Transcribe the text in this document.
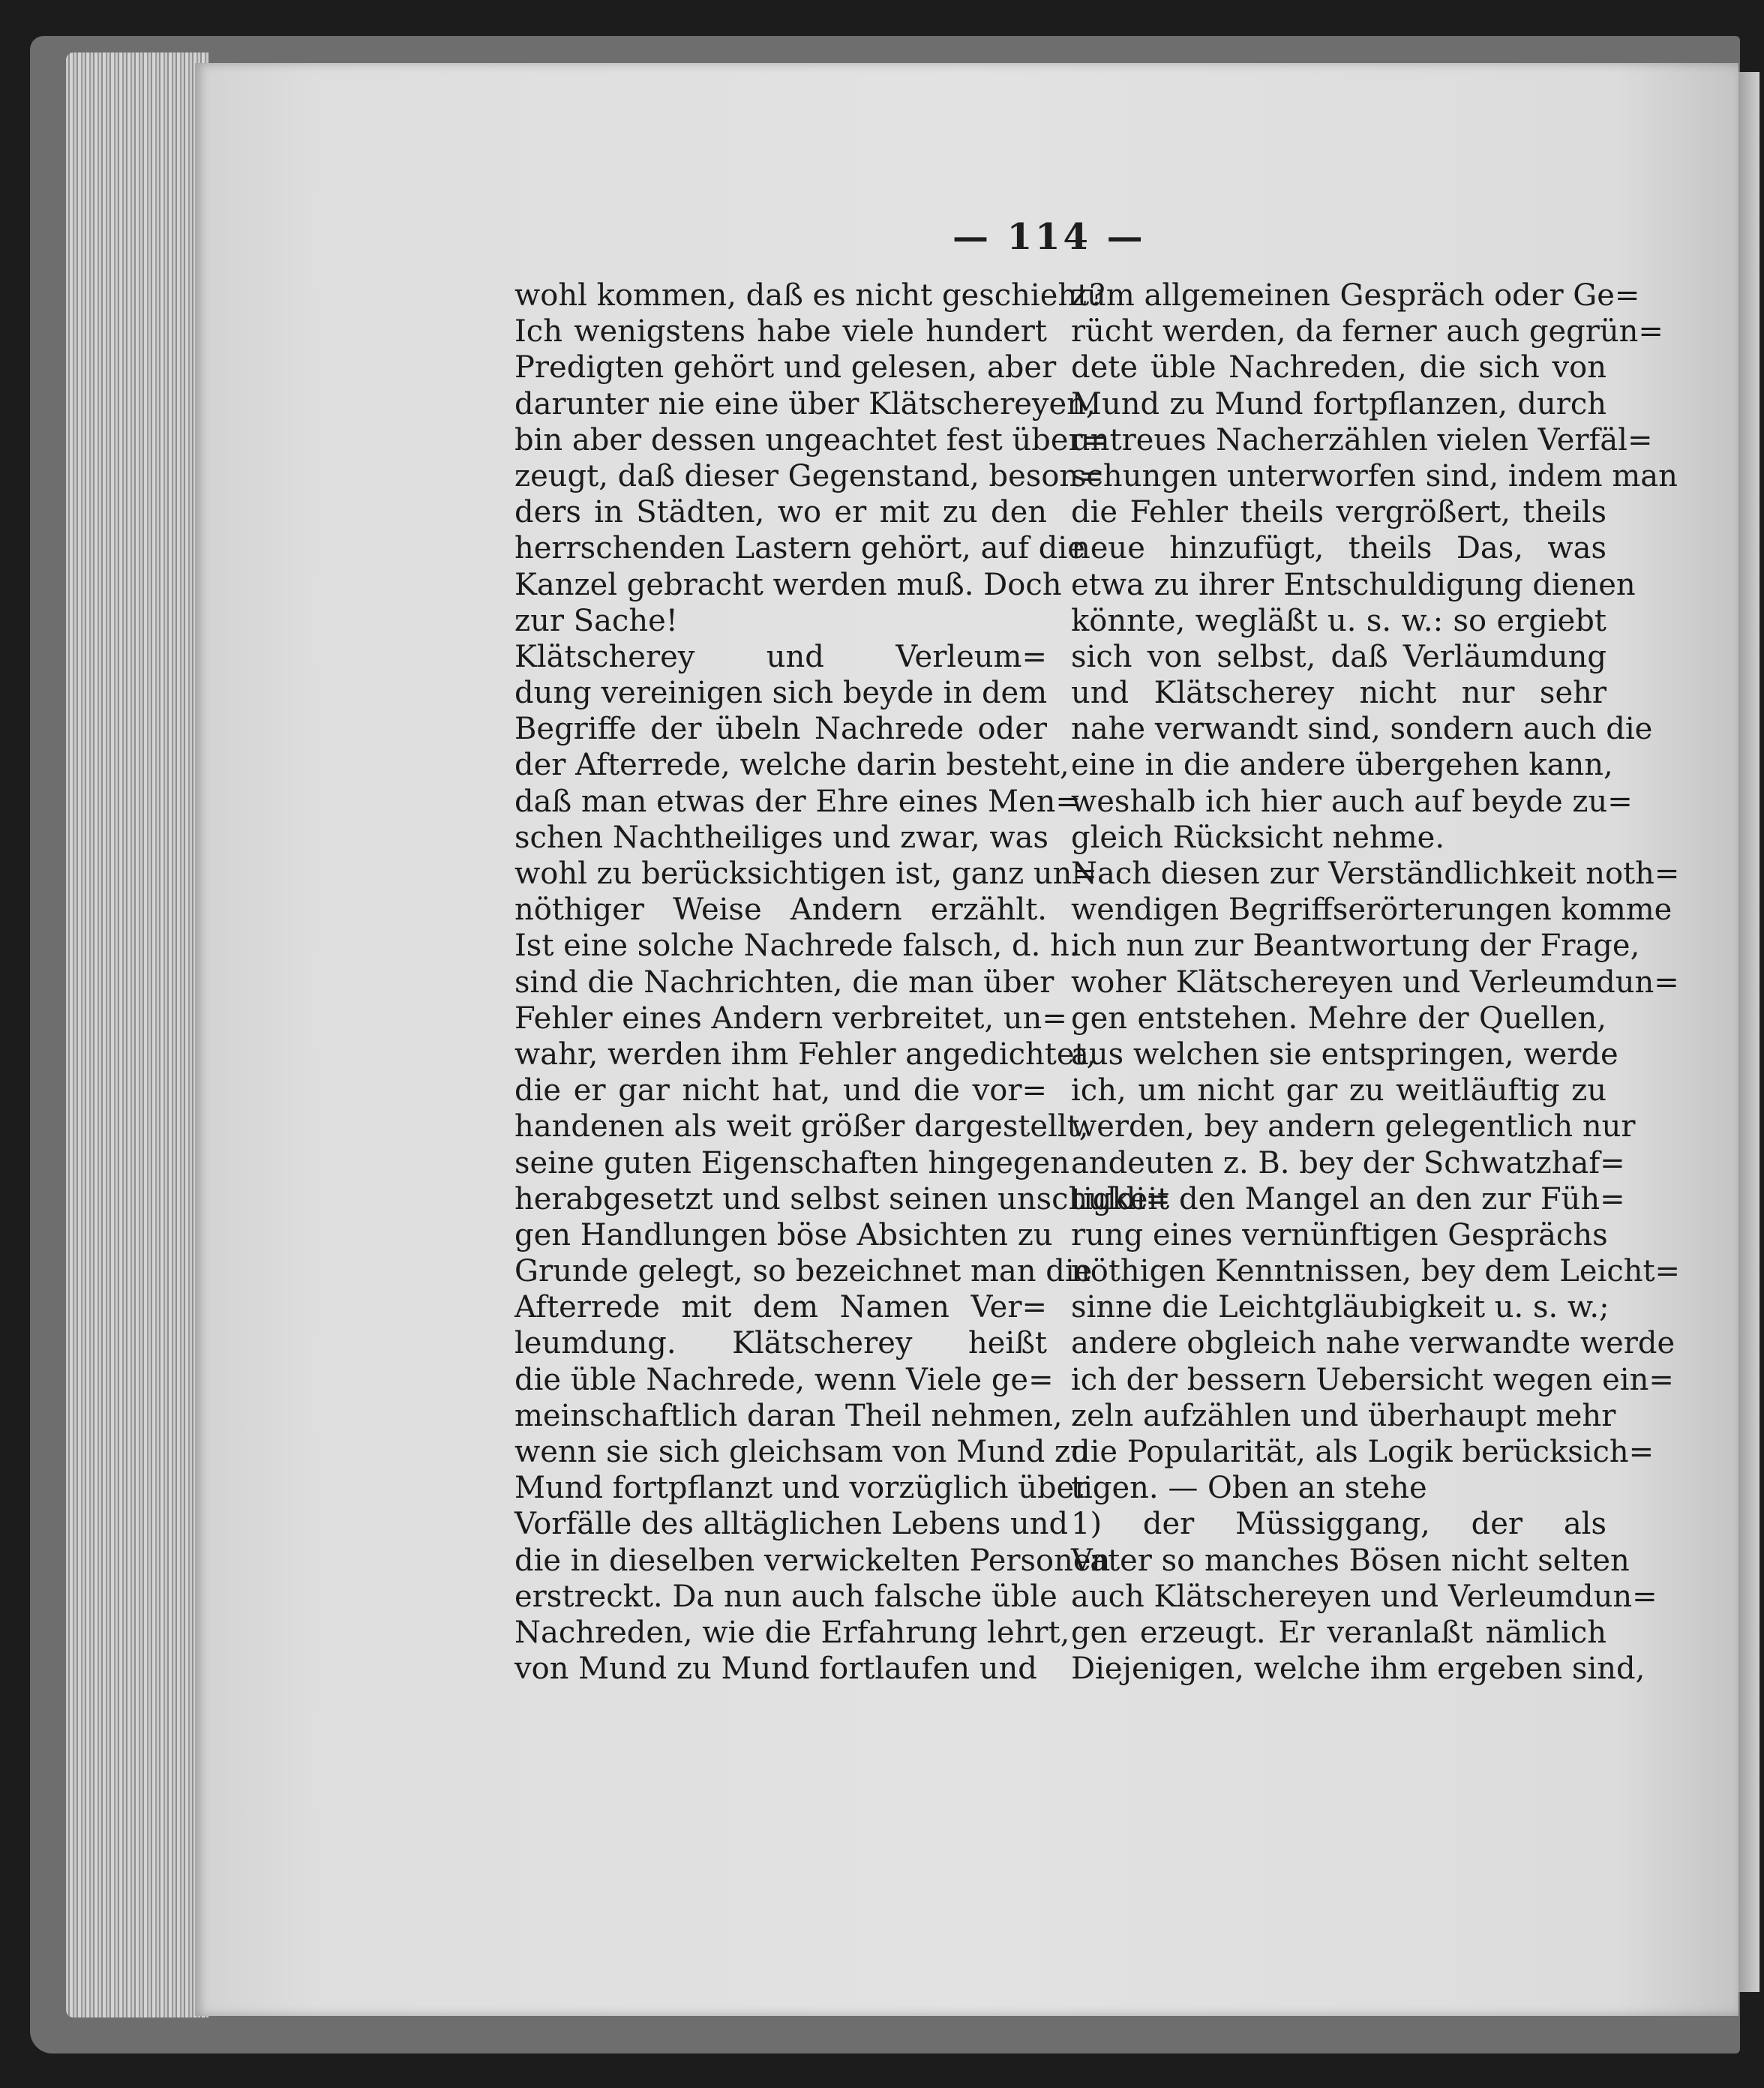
— 114 —
wohl kommen, daß es nicht geschieht?
Ich wenigstens habe viele hundert
Predigten gehört und gelesen, aber
darunter nie eine über Klätschereyen,
bin aber dessen ungeachtet fest über=
zeugt, daß dieser Gegenstand, beson=
ders in Städten, wo er mit zu den
herrschenden Lastern gehört, auf die
Kanzel gebracht werden muß. Doch
zur Sache!
Klätscherey und Verleum=
dung vereinigen sich beyde in dem
Begriffe der übeln Nachrede oder
der Afterrede, welche darin besteht,
daß man etwas der Ehre eines Men=
schen Nachtheiliges und zwar, was
wohl zu berücksichtigen ist, ganz un=
nöthiger Weise Andern erzählt.
Ist eine solche Nachrede falsch, d. h.
sind die Nachrichten, die man über
Fehler eines Andern verbreitet, un=
wahr, werden ihm Fehler angedichtet,
die er gar nicht hat, und die vor=
handenen als weit größer dargestellt,
seine guten Eigenschaften hingegen
herabgesetzt und selbst seinen unschuldi=
gen Handlungen böse Absichten zu
Grunde gelegt, so bezeichnet man die
Afterrede mit dem Namen Ver=
leumdung. Klätscherey heißt
die üble Nachrede, wenn Viele ge=
meinschaftlich daran Theil nehmen,
wenn sie sich gleichsam von Mund zu
Mund fortpflanzt und vorzüglich über
Vorfälle des alltäglichen Lebens und
die in dieselben verwickelten Personen
erstreckt. Da nun auch falsche üble
Nachreden, wie die Erfahrung lehrt,
von Mund zu Mund fortlaufen und
zum allgemeinen Gespräch oder Ge=
rücht werden, da ferner auch gegrün=
dete üble Nachreden, die sich von
Mund zu Mund fortpflanzen, durch
untreues Nacherzählen vielen Verfäl=
schungen unterworfen sind, indem man
die Fehler theils vergrößert, theils
neue hinzufügt, theils Das, was
etwa zu ihrer Entschuldigung dienen
könnte, wegläßt u. s. w.: so ergiebt
sich von selbst, daß Verläumdung
und Klätscherey nicht nur sehr
nahe verwandt sind, sondern auch die
eine in die andere übergehen kann,
weshalb ich hier auch auf beyde zu=
gleich Rücksicht nehme.
Nach diesen zur Verständlichkeit noth=
wendigen Begriffserörterungen komme
ich nun zur Beantwortung der Frage,
woher Klätschereyen und Verleumdun=
gen entstehen. Mehre der Quellen,
aus welchen sie entspringen, werde
ich, um nicht gar zu weitläuftig zu
werden, bey andern gelegentlich nur
andeuten z. B. bey der Schwatzhaf=
tigkeit den Mangel an den zur Füh=
rung eines vernünftigen Gesprächs
nöthigen Kenntnissen, bey dem Leicht=
sinne die Leichtgläubigkeit u. s. w.;
andere obgleich nahe verwandte werde
ich der bessern Uebersicht wegen ein=
zeln aufzählen und überhaupt mehr
die Popularität, als Logik berücksich=
tigen. — Oben an stehe
1) der Müssiggang, der als
Vater so manches Bösen nicht selten
auch Klätschereyen und Verleumdun=
gen erzeugt. Er veranlaßt nämlich
Diejenigen, welche ihm ergeben sind,
